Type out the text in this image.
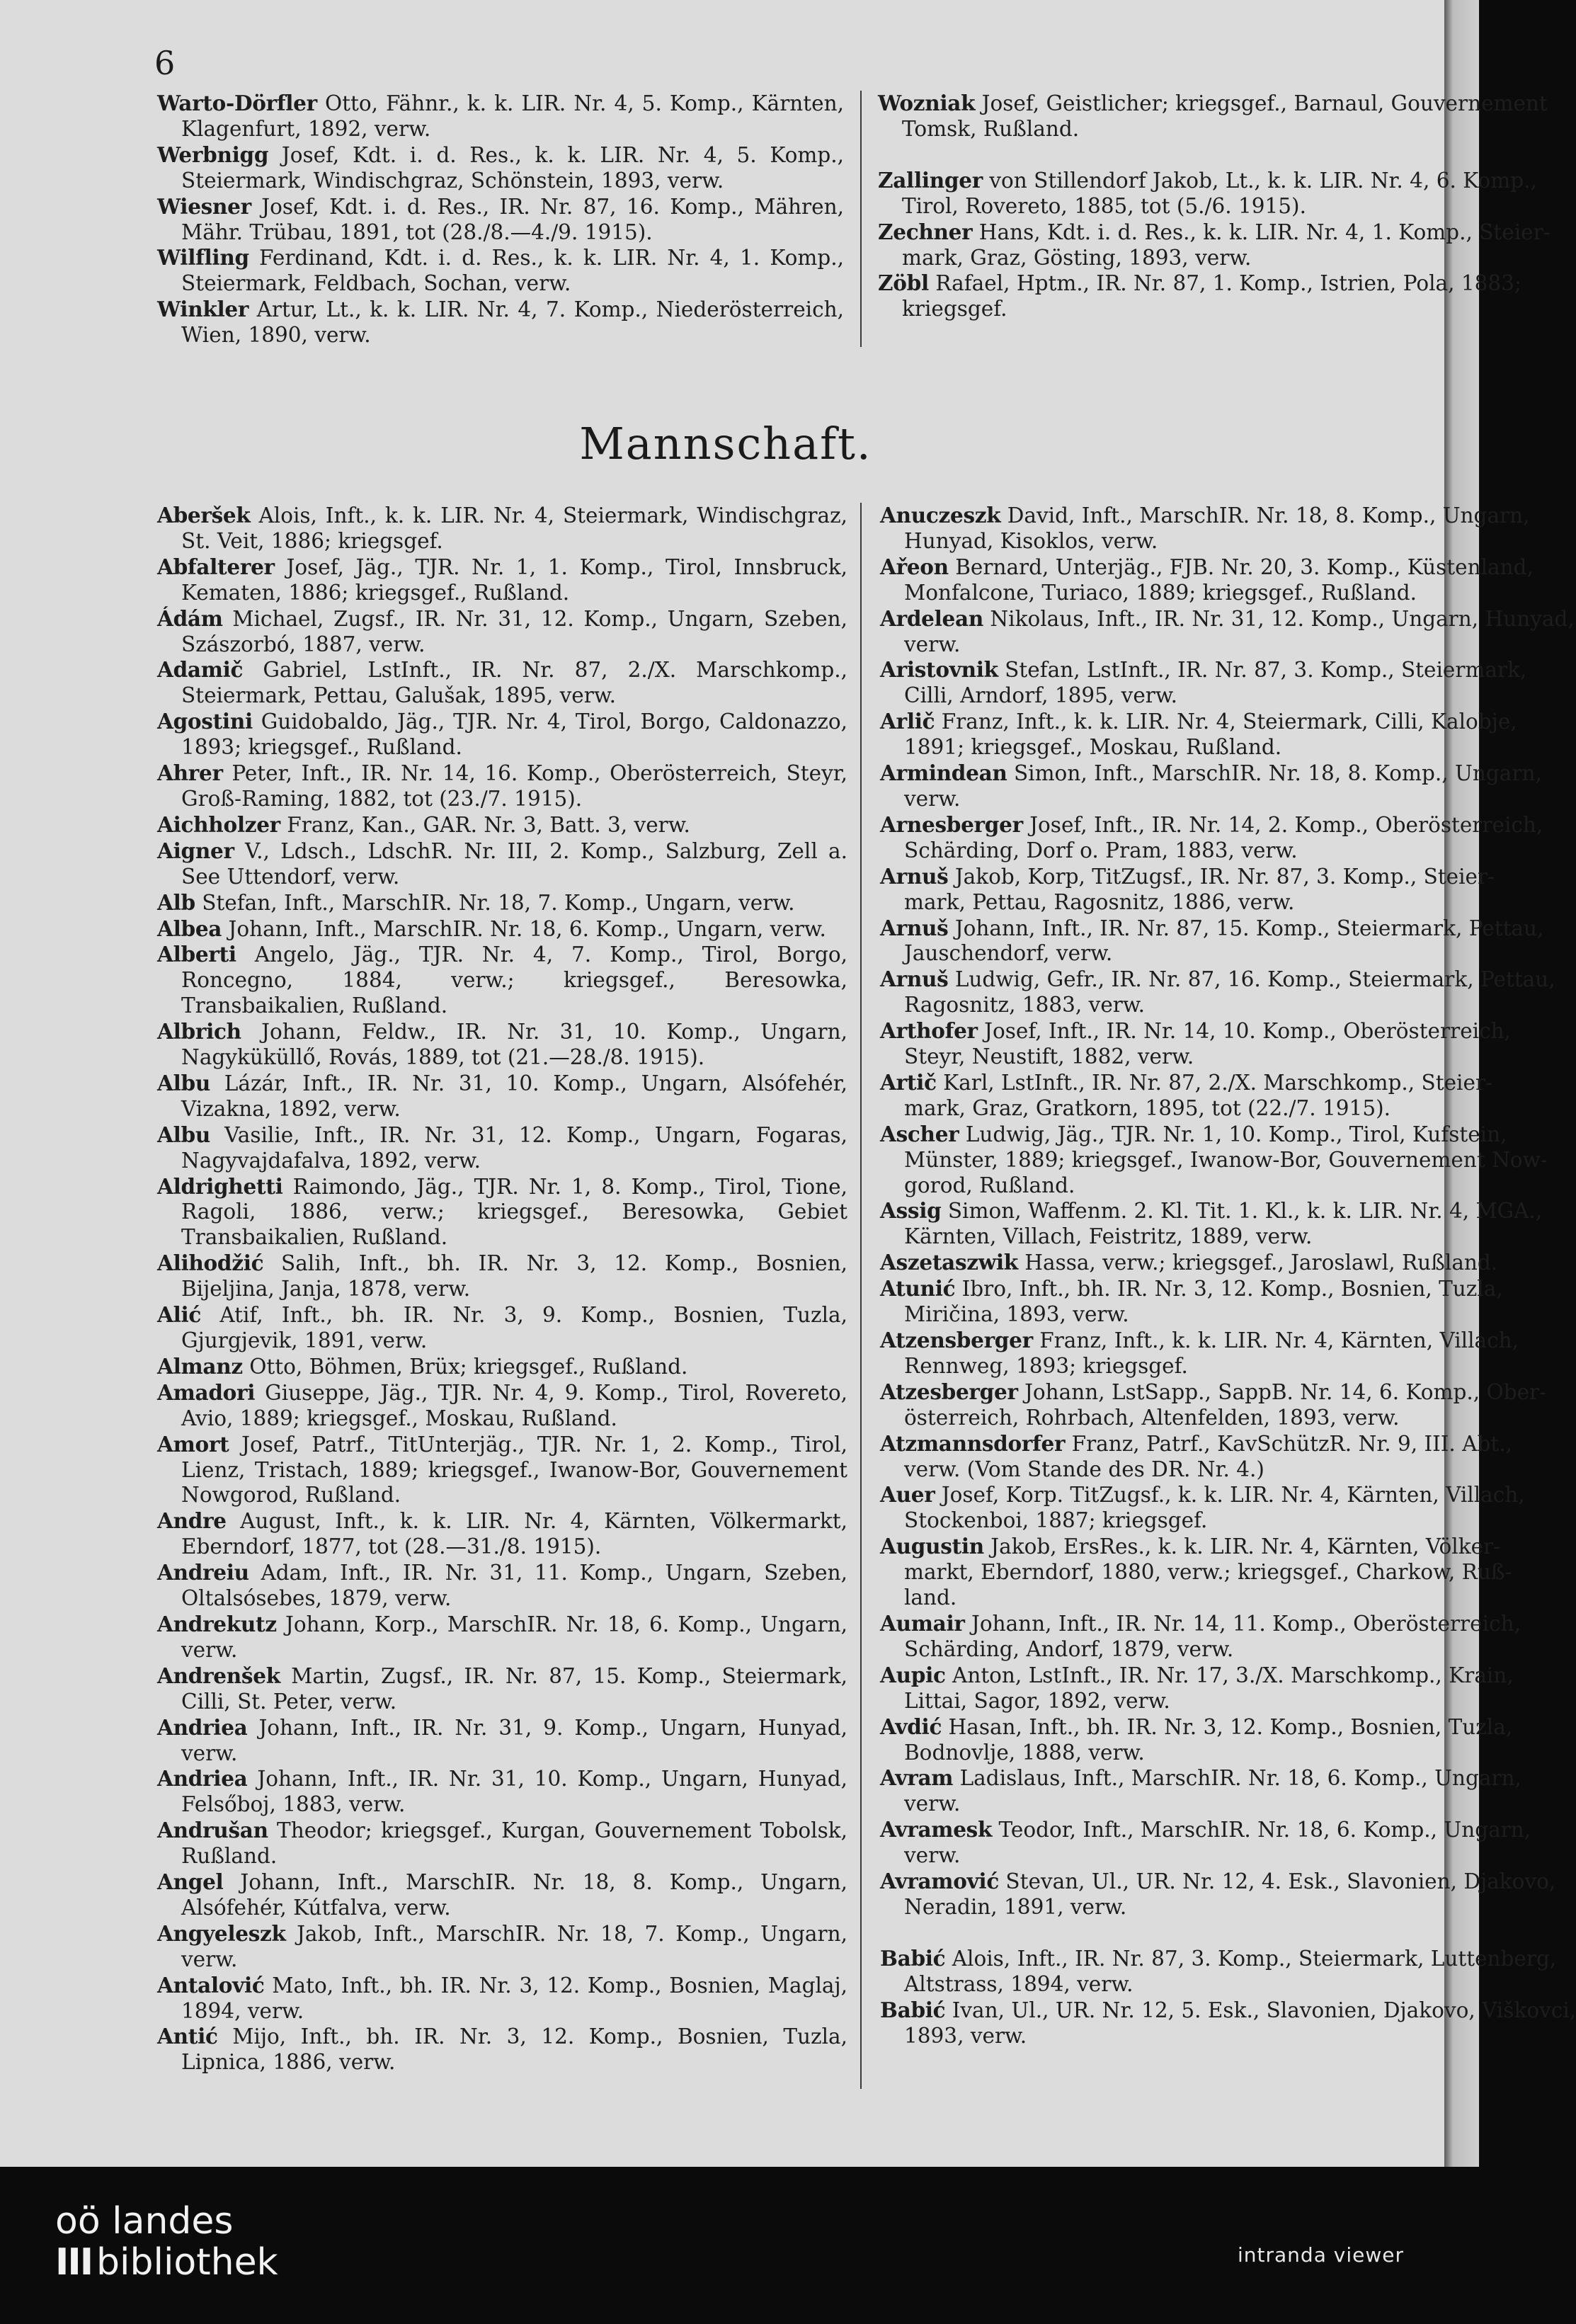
6
Warto-Dörfler Otto, Fähnr., k. k. LIR. Nr. 4, 5. Komp., Kärnten, Klagenfurt, 1892, verw.
Werbnigg Josef, Kdt. i. d. Res., k. k. LIR. Nr. 4, 5. Komp., Steiermark, Windischgraz, Schönstein, 1893, verw.
Wiesner Josef, Kdt. i. d. Res., IR. Nr. 87, 16. Komp., Mähren, Mähr. Trübau, 1891, tot (28./8.—4./9. 1915).
Wilfling Ferdinand, Kdt. i. d. Res., k. k. LIR. Nr. 4, 1. Komp., Steiermark, Feldbach, Sochan, verw.
Winkler Artur, Lt., k. k. LIR. Nr. 4, 7. Komp., Niederösterreich, Wien, 1890, verw.
Wozniak Josef, Geistlicher; kriegsgef., Barnaul, Gouvernement
Tomsk, Rußland.
Zallinger von Stillendorf Jakob, Lt., k. k. LIR. Nr. 4, 6. Komp.,
Tirol, Rovereto, 1885, tot (5./6. 1915).
Zechner Hans, Kdt. i. d. Res., k. k. LIR. Nr. 4, 1. Komp., Steier-
mark, Graz, Gösting, 1893, verw.
Zöbl Rafael, Hptm., IR. Nr. 87, 1. Komp., Istrien, Pola, 1883;
kriegsgef.
Mannschaft.
Aberšek Alois, Inft., k. k. LIR. Nr. 4, Steiermark, Windischgraz, St. Veit, 1886; kriegsgef.
Abfalterer Josef, Jäg., TJR. Nr. 1, 1. Komp., Tirol, Innsbruck, Kematen, 1886; kriegsgef., Rußland.
Ádám Michael, Zugsf., IR. Nr. 31, 12. Komp., Ungarn, Szeben, Szászorbó, 1887, verw.
Adamič Gabriel, LstInft., IR. Nr. 87, 2./X. Marschkomp., Steiermark, Pettau, Galušak, 1895, verw.
Agostini Guidobaldo, Jäg., TJR. Nr. 4, Tirol, Borgo, Caldonazzo, 1893; kriegsgef., Rußland.
Ahrer Peter, Inft., IR. Nr. 14, 16. Komp., Oberösterreich, Steyr, Groß-Raming, 1882, tot (23./7. 1915).
Aichholzer Franz, Kan., GAR. Nr. 3, Batt. 3, verw.
Aigner V., Ldsch., LdschR. Nr. III, 2. Komp., Salzburg, Zell a. See Uttendorf, verw.
Alb Stefan, Inft., MarschIR. Nr. 18, 7. Komp., Ungarn, verw.
Albea Johann, Inft., MarschIR. Nr. 18, 6. Komp., Ungarn, verw.
Alberti Angelo, Jäg., TJR. Nr. 4, 7. Komp., Tirol, Borgo, Roncegno, 1884, verw.; kriegsgef., Beresowka, Transbaikalien, Rußland.
Albrich Johann, Feldw., IR. Nr. 31, 10. Komp., Ungarn, Nagyküküllő, Rovás, 1889, tot (21.—28./8. 1915).
Albu Lázár, Inft., IR. Nr. 31, 10. Komp., Ungarn, Alsófehér, Vizakna, 1892, verw.
Albu Vasilie, Inft., IR. Nr. 31, 12. Komp., Ungarn, Fogaras, Nagyvajdafalva, 1892, verw.
Aldrighetti Raimondo, Jäg., TJR. Nr. 1, 8. Komp., Tirol, Tione, Ragoli, 1886, verw.; kriegsgef., Beresowka, Gebiet Transbaikalien, Rußland.
Alihodžić Salih, Inft., bh. IR. Nr. 3, 12. Komp., Bosnien, Bijeljina, Janja, 1878, verw.
Alić Atif, Inft., bh. IR. Nr. 3, 9. Komp., Bosnien, Tuzla, Gjurgjevik, 1891, verw.
Almanz Otto, Böhmen, Brüx; kriegsgef., Rußland.
Amadori Giuseppe, Jäg., TJR. Nr. 4, 9. Komp., Tirol, Rovereto, Avio, 1889; kriegsgef., Moskau, Rußland.
Amort Josef, Patrf., TitUnterjäg., TJR. Nr. 1, 2. Komp., Tirol, Lienz, Tristach, 1889; kriegsgef., Iwanow-Bor, Gouvernement Nowgorod, Rußland.
Andre August, Inft., k. k. LIR. Nr. 4, Kärnten, Völkermarkt, Eberndorf, 1877, tot (28.—31./8. 1915).
Andreiu Adam, Inft., IR. Nr. 31, 11. Komp., Ungarn, Szeben, Oltalsósebes, 1879, verw.
Andrekutz Johann, Korp., MarschIR. Nr. 18, 6. Komp., Ungarn, verw.
Andrenšek Martin, Zugsf., IR. Nr. 87, 15. Komp., Steiermark, Cilli, St. Peter, verw.
Andriea Johann, Inft., IR. Nr. 31, 9. Komp., Ungarn, Hunyad, verw.
Andriea Johann, Inft., IR. Nr. 31, 10. Komp., Ungarn, Hunyad, Felsőboj, 1883, verw.
Andrušan Theodor; kriegsgef., Kurgan, Gouvernement Tobolsk, Rußland.
Angel Johann, Inft., MarschIR. Nr. 18, 8. Komp., Ungarn, Alsófehér, Kútfalva, verw.
Angyeleszk Jakob, Inft., MarschIR. Nr. 18, 7. Komp., Ungarn, verw.
Antalović Mato, Inft., bh. IR. Nr. 3, 12. Komp., Bosnien, Maglaj, 1894, verw.
Antić Mijo, Inft., bh. IR. Nr. 3, 12. Komp., Bosnien, Tuzla, Lipnica, 1886, verw.
Anuczeszk David, Inft., MarschIR. Nr. 18, 8. Komp., Ungarn,
Hunyad, Kisoklos, verw.
Ařeon Bernard, Unterjäg., FJB. Nr. 20, 3. Komp., Küstenland,
Monfalcone, Turiaco, 1889; kriegsgef., Rußland.
Ardelean Nikolaus, Inft., IR. Nr. 31, 12. Komp., Ungarn, Hunyad,
verw.
Aristovnik Stefan, LstInft., IR. Nr. 87, 3. Komp., Steiermark,
Cilli, Arndorf, 1895, verw.
Arlič Franz, Inft., k. k. LIR. Nr. 4, Steiermark, Cilli, Kalobje,
1891; kriegsgef., Moskau, Rußland.
Armindean Simon, Inft., MarschIR. Nr. 18, 8. Komp., Ungarn,
verw.
Arnesberger Josef, Inft., IR. Nr. 14, 2. Komp., Oberösterreich,
Schärding, Dorf o. Pram, 1883, verw.
Arnuš Jakob, Korp, TitZugsf., IR. Nr. 87, 3. Komp., Steier-
mark, Pettau, Ragosnitz, 1886, verw.
Arnuš Johann, Inft., IR. Nr. 87, 15. Komp., Steiermark, Pettau,
Jauschendorf, verw.
Arnuš Ludwig, Gefr., IR. Nr. 87, 16. Komp., Steiermark, Pettau,
Ragosnitz, 1883, verw.
Arthofer Josef, Inft., IR. Nr. 14, 10. Komp., Oberösterreich,
Steyr, Neustift, 1882, verw.
Artič Karl, LstInft., IR. Nr. 87, 2./X. Marschkomp., Steier-
mark, Graz, Gratkorn, 1895, tot (22./7. 1915).
Ascher Ludwig, Jäg., TJR. Nr. 1, 10. Komp., Tirol, Kufstein,
Münster, 1889; kriegsgef., Iwanow-Bor, Gouvernement Now-
gorod, Rußland.
Assig Simon, Waffenm. 2. Kl. Tit. 1. Kl., k. k. LIR. Nr. 4, MGA.,
Kärnten, Villach, Feistritz, 1889, verw.
Aszetaszwik Hassa, verw.; kriegsgef., Jaroslawl, Rußland.
Atunić Ibro, Inft., bh. IR. Nr. 3, 12. Komp., Bosnien, Tuzla,
Miričina, 1893, verw.
Atzensberger Franz, Inft., k. k. LIR. Nr. 4, Kärnten, Villach,
Rennweg, 1893; kriegsgef.
Atzesberger Johann, LstSapp., SappB. Nr. 14, 6. Komp., Ober-
österreich, Rohrbach, Altenfelden, 1893, verw.
Atzmannsdorfer Franz, Patrf., KavSchützR. Nr. 9, III. Abt.,
verw. (Vom Stande des DR. Nr. 4.)
Auer Josef, Korp. TitZugsf., k. k. LIR. Nr. 4, Kärnten, Villach,
Stockenboi, 1887; kriegsgef.
Augustin Jakob, ErsRes., k. k. LIR. Nr. 4, Kärnten, Völker-
markt, Eberndorf, 1880, verw.; kriegsgef., Charkow, Ruß-
land.
Aumair Johann, Inft., IR. Nr. 14, 11. Komp., Oberösterreich,
Schärding, Andorf, 1879, verw.
Aupic Anton, LstInft., IR. Nr. 17, 3./X. Marschkomp., Krain,
Littai, Sagor, 1892, verw.
Avdić Hasan, Inft., bh. IR. Nr. 3, 12. Komp., Bosnien, Tuzla,
Bodnovlje, 1888, verw.
Avram Ladislaus, Inft., MarschIR. Nr. 18, 6. Komp., Ungarn,
verw.
Avramesk Teodor, Inft., MarschIR. Nr. 18, 6. Komp., Ungarn,
verw.
Avramović Stevan, Ul., UR. Nr. 12, 4. Esk., Slavonien, Djakovo,
Neradin, 1891, verw.
Babić Alois, Inft., IR. Nr. 87, 3. Komp., Steiermark, Luttenberg,
Altstrass, 1894, verw.
Babić Ivan, Ul., UR. Nr. 12, 5. Esk., Slavonien, Djakovo, Viškovci,
1893, verw.
oö landes
III bibliothek	intranda viewer
